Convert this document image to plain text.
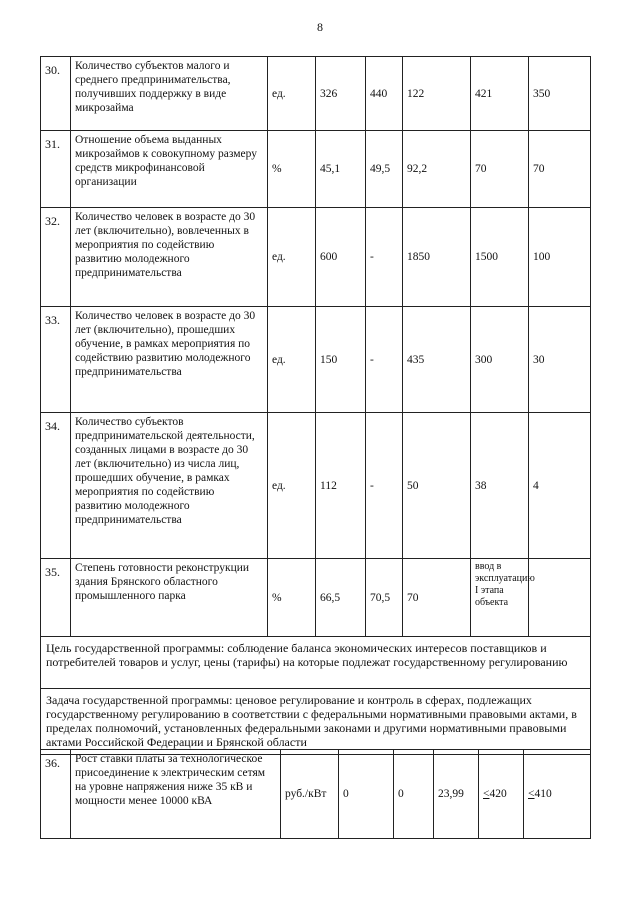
8
30.	Количество субъектов малого и среднего предпринимательства, получивших поддержку в виде микрозайма	ед.	326	440	122	421	350
31.	Отношение объема выданных микрозаймов к совокупному размеру средств микрофинансовой организации	%	45,1	49,5	92,2	70	70
32.	Количество человек в возрасте до 30 лет (включительно), вовлеченных в мероприятия по содействию развитию молодежного предпринимательства	ед.	600	-	1850	1500	100
33.	Количество человек в возрасте до 30 лет (включительно), прошедших обучение, в рамках мероприятия по содействию развитию молодежного предпринимательства	ед.	150	-	435	300	30
34.	Количество субъектов предпринимательской деятельности, созданных лицами в возрасте до 30 лет (включительно) из числа лиц, прошедших обучение, в рамках мероприятия по содействию развитию молодежного предпринимательства	ед.	112	-	50	38	4
35.	Степень готовности реконструкции здания Брянского областного промышленного парка	%	66,5	70,5	70	ввод в эксплуатацию I этапа объекта	
Цель государственной программы: соблюдение баланса экономических интересов поставщиков и потребителей товаров и услуг, цены (тарифы) на которые подлежат государственному регулированию							
Задача государственной программы: ценовое регулирование и контроль в сферах, подлежащих государственному регулированию в соответствии с федеральными нормативными правовыми актами, в пределах полномочий, установленных федеральными законами и другими нормативными правовыми актами Российской Федерации и Брянской области							
36.	Рост ставки платы за технологическое присоединение к электрическим сетям на уровне напряжения ниже 35 кВ и мощности менее 10000 кВА	руб./кВт	0	0	23,99	≤420	≤410
